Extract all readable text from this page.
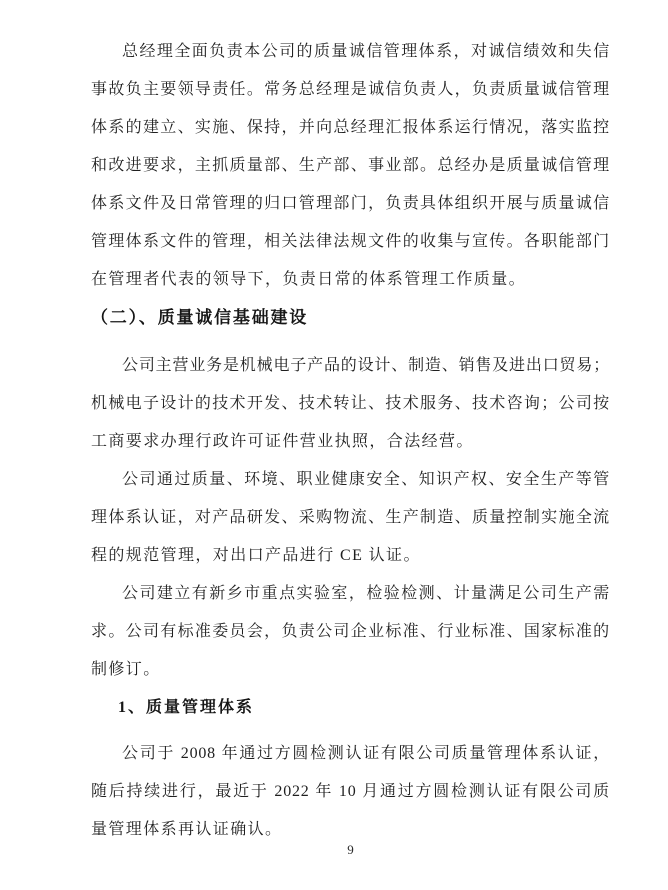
总经理全面负责本公司的质量诚信管理体系，对诚信绩效和失信
事故负主要领导责任。常务总经理是诚信负责人，负责质量诚信管理
体系的建立、实施、保持，并向总经理汇报体系运行情况，落实监控
和改进要求，主抓质量部、生产部、事业部。总经办是质量诚信管理
体系文件及日常管理的归口管理部门，负责具体组织开展与质量诚信
管理体系文件的管理，相关法律法规文件的收集与宣传。各职能部门
在管理者代表的领导下，负责日常的体系管理工作质量。
（二）、质量诚信基础建设
公司主营业务是机械电子产品的设计、制造、销售及进出口贸易；
机械电子设计的技术开发、技术转让、技术服务、技术咨询；公司按
工商要求办理行政许可证件营业执照，合法经营。
公司通过质量、环境、职业健康安全、知识产权、安全生产等管
理体系认证，对产品研发、采购物流、生产制造、质量控制实施全流
程的规范管理，对出口产品进行 CE 认证。
公司建立有新乡市重点实验室，检验检测、计量满足公司生产需
求。公司有标准委员会，负责公司企业标准、行业标准、国家标准的
制修订。
1、质量管理体系
公司于 2008 年通过方圆检测认证有限公司质量管理体系认证，
随后持续进行，最近于 2022 年 10 月通过方圆检测认证有限公司质
量管理体系再认证确认。
9
